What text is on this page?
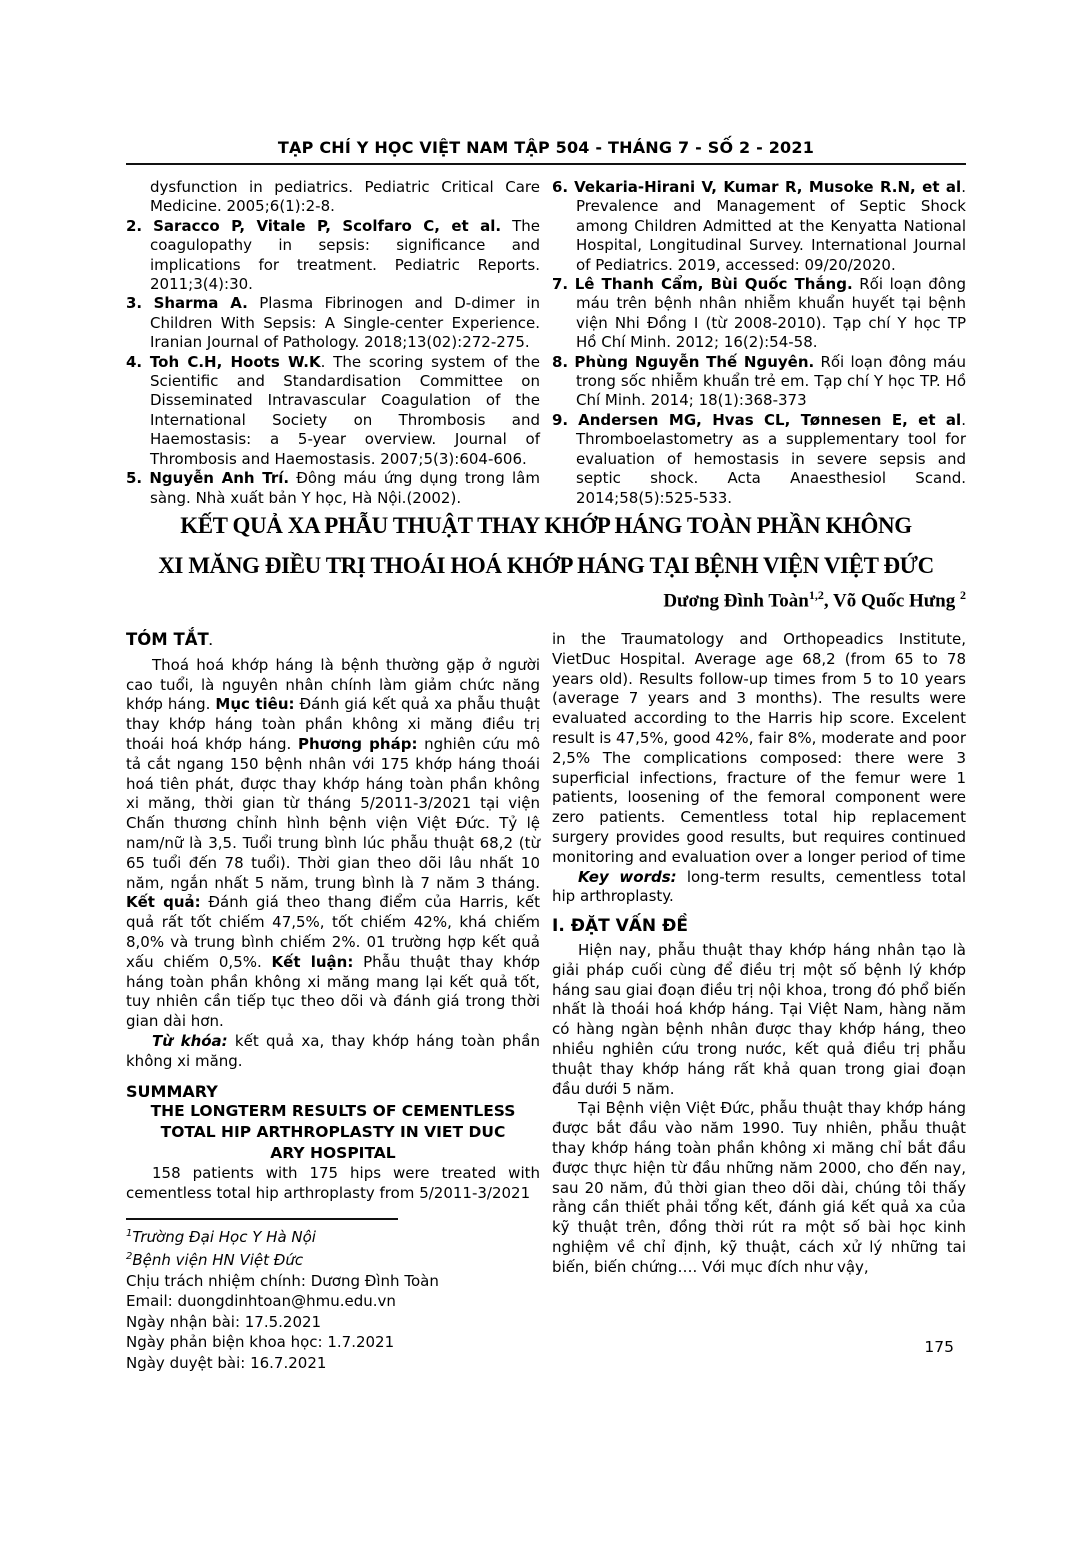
TẠP CHÍ Y HỌC VIỆT NAM TẬP 504 - THÁNG 7 - SỐ 2 - 2021
dysfunction in pediatrics. Pediatric Critical Care Medicine. 2005;6(1):2-8.
2. Saracco P, Vitale P, Scolfaro C, et al. The coagulopathy in sepsis: significance and implications for treatment. Pediatric Reports. 2011;3(4):30.
3. Sharma A. Plasma Fibrinogen and D-dimer in Children With Sepsis: A Single-center Experience. Iranian Journal of Pathology. 2018;13(02):272-275.
4. Toh C.H, Hoots W.K. The scoring system of the Scientific and Standardisation Committee on Disseminated Intravascular Coagulation of the International Society on Thrombosis and Haemostasis: a 5-year overview. Journal of Thrombosis and Haemostasis. 2007;5(3):604-606.
5. Nguyễn Anh Trí. Đông máu ứng dụng trong lâm sàng. Nhà xuất bản Y học, Hà Nội.(2002).
6. Vekaria-Hirani V, Kumar R, Musoke R.N, et al. Prevalence and Management of Septic Shock among Children Admitted at the Kenyatta National Hospital, Longitudinal Survey. International Journal of Pediatrics. 2019, accessed: 09/20/2020.
7. Lê Thanh Cẩm, Bùi Quốc Thắng. Rối loạn đông máu trên bệnh nhân nhiễm khuẩn huyết tại bệnh viện Nhi Đồng I (từ 2008-2010). Tạp chí Y học TP Hồ Chí Minh. 2012; 16(2):54-58.
8. Phùng Nguyễn Thế Nguyên. Rối loạn đông máu trong sốc nhiễm khuẩn trẻ em. Tạp chí Y học TP. Hồ Chí Minh. 2014; 18(1):368-373
9. Andersen MG, Hvas CL, Tønnesen E, et al. Thromboelastometry as a supplementary tool for evaluation of hemostasis in severe sepsis and septic shock. Acta Anaesthesiol Scand. 2014;58(5):525-533.
KẾT QUẢ XA PHẪU THUẬT THAY KHỚP HÁNG TOÀN PHẦN KHÔNG
XI MĂNG ĐIỀU TRỊ THOÁI HOÁ KHỚP HÁNG TẠI BỆNH VIỆN VIỆT ĐỨC
Dương Đình Toàn$^{1,2}$, Võ Quốc Hưng $^2$
TÓM TẮT.

Thoá hoá khớp háng là bệnh thường gặp ở người cao tuổi, là nguyên nhân chính làm giảm chức năng khớp háng. Mục tiêu: Đánh giá kết quả xa phẫu thuật thay khớp háng toàn phần không xi măng điều trị thoái hoá khớp háng. Phương pháp: nghiên cứu mô tả cắt ngang 150 bệnh nhân với 175 khớp háng thoái hoá tiên phát, được thay khớp háng toàn phần không xi măng, thời gian từ tháng 5/2011-3/2021 tại viện Chấn thương chỉnh hình bệnh viện Việt Đức. Tỷ lệ nam/nữ là 3,5. Tuổi trung bình lúc phẫu thuật 68,2 (từ 65 tuổi đến 78 tuổi). Thời gian theo dõi lâu nhất 10 năm, ngắn nhất 5 năm, trung bình là 7 năm 3 tháng. Kết quả: Đánh giá theo thang điểm của Harris, kết quả rất tốt chiếm 47,5%, tốt chiếm 42%, khá chiếm 8,0% và trung bình chiếm 2%. 01 trường hợp kết quả xấu chiếm 0,5%. Kết luận: Phẫu thuật thay khớp háng toàn phần không xi măng mang lại kết quả tốt, tuy nhiên cần tiếp tục theo dõi và đánh giá trong thời gian dài hơn.

Từ khóa: kết quả xa, thay khớp háng toàn phần không xi măng.

SUMMARY
THE LONGTERM RESULTS OF CEMENTLESS
TOTAL HIP ARTHROPLASTY IN VIET DUC
ARY HOSPITAL

158 patients with 175 hips were treated with cementless total hip arthroplasty from 5/2011-3/2021

$^1$Trường Đại Học Y Hà Nội
$^2$Bệnh viện HN Việt Đức
Chịu trách nhiệm chính: Dương Đình Toàn
Email: duongdinhtoan@hmu.edu.vn
Ngày nhận bài: 17.5.2021
Ngày phản biện khoa học: 1.7.2021
Ngày duyệt bài: 16.7.2021

in the Traumatology and Orthopeadics Institute, VietDuc Hospital. Average age 68,2 (from 65 to 78 years old). Results follow-up times from 5 to 10 years (average 7 years and 3 months). The results were evaluated according to the Harris hip score. Excelent result is 47,5%, good 42%, fair 8%, moderate and poor 2,5% The complications composed: there were 3 superficial infections, fracture of the femur were 1 patients, loosening of the femoral component were zero patients. Cementless total hip replacement surgery provides good results, but requires continued monitoring and evaluation over a longer period of time

Key words: long-term results, cementless total hip arthroplasty.

I. ĐẶT VẤN ĐỀ

Hiện nay, phẫu thuật thay khớp háng nhân tạo là giải pháp cuối cùng để điều trị một số bệnh lý khớp háng sau giai đoạn điều trị nội khoa, trong đó phổ biến nhất là thoái hoá khớp háng. Tại Việt Nam, hàng năm có hàng ngàn bệnh nhân được thay khớp háng, theo nhiều nghiên cứu trong nước, kết quả điều trị phẫu thuật thay khớp háng rất khả quan trong giai đoạn đầu dưới 5 năm.

Tại Bệnh viện Việt Đức, phẫu thuật thay khớp háng được bắt đầu vào năm 1990. Tuy nhiên, phẫu thuật thay khớp háng toàn phần không xi măng chỉ bắt đầu được thực hiện từ đầu những năm 2000, cho đến nay, sau 20 năm, đủ thời gian theo dõi dài, chúng tôi thấy rằng cần thiết phải tổng kết, đánh giá kết quả xa của kỹ thuật trên, đồng thời rút ra một số bài học kinh nghiệm về chỉ định, kỹ thuật, cách xử lý những tai biến, biến chứng…. Với mục đích như vậy,

175
